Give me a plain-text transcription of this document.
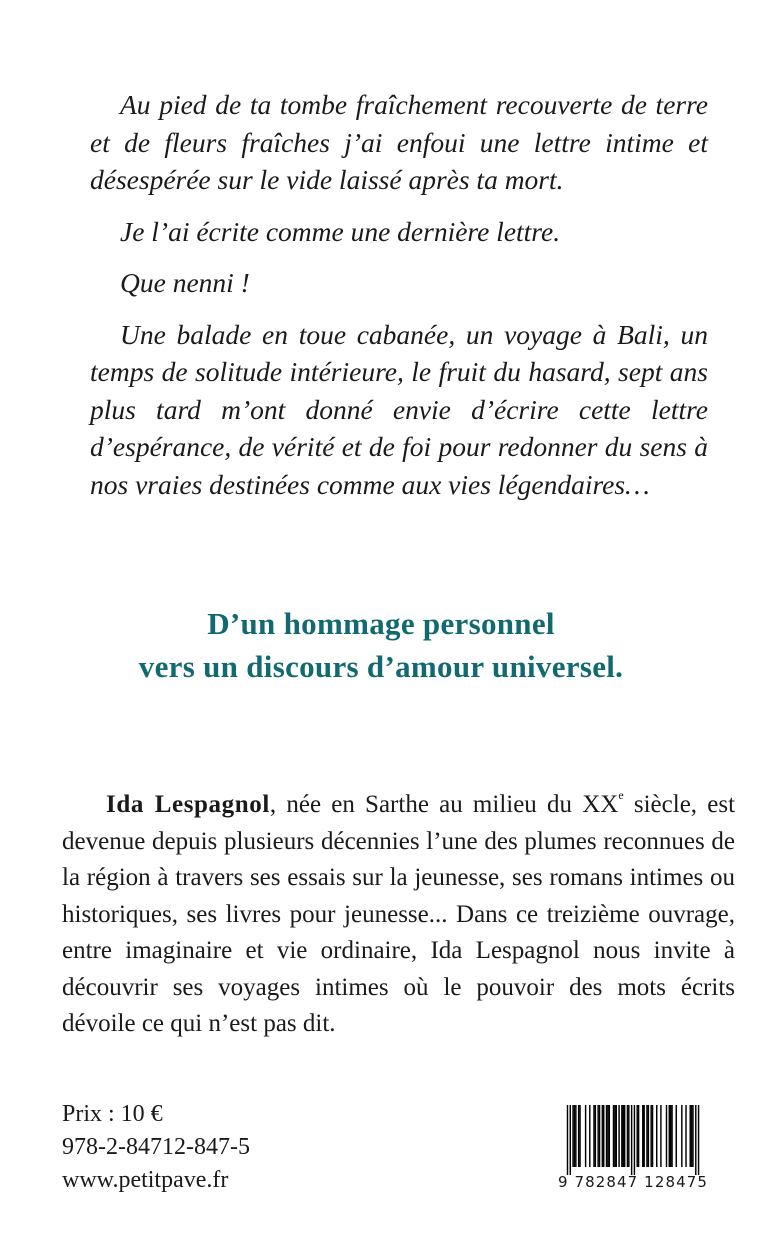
Au pied de ta tombe fraîchement recouverte de terre et de fleurs fraîches j’ai enfoui une lettre intime et désespérée sur le vide laissé après ta mort.

Je l’ai écrite comme une dernière lettre.

Que nenni !

Une balade en toue cabanée, un voyage à Bali, un temps de solitude intérieure, le fruit du hasard, sept ans plus tard m’ont donné envie d’écrire cette lettre d’espérance, de vérité et de foi pour redonner du sens à nos vraies destinées comme aux vies légendaires…

D’un hommage personnel
vers un discours d’amour universel.

Ida Lespagnol, née en Sarthe au milieu du XXe siècle, est devenue depuis plusieurs décennies l’une des plumes reconnues de la région à travers ses essais sur la jeunesse, ses romans intimes ou historiques, ses livres pour jeunesse... Dans ce treizième ouvrage, entre imaginaire et vie ordinaire, Ida Lespagnol nous invite à découvrir ses voyages intimes où le pouvoir des mots écrits dévoile ce qui n’est pas dit.

Prix : 10 €
978-2-84712-847-5
www.petitpave.fr	9 782847 128475
